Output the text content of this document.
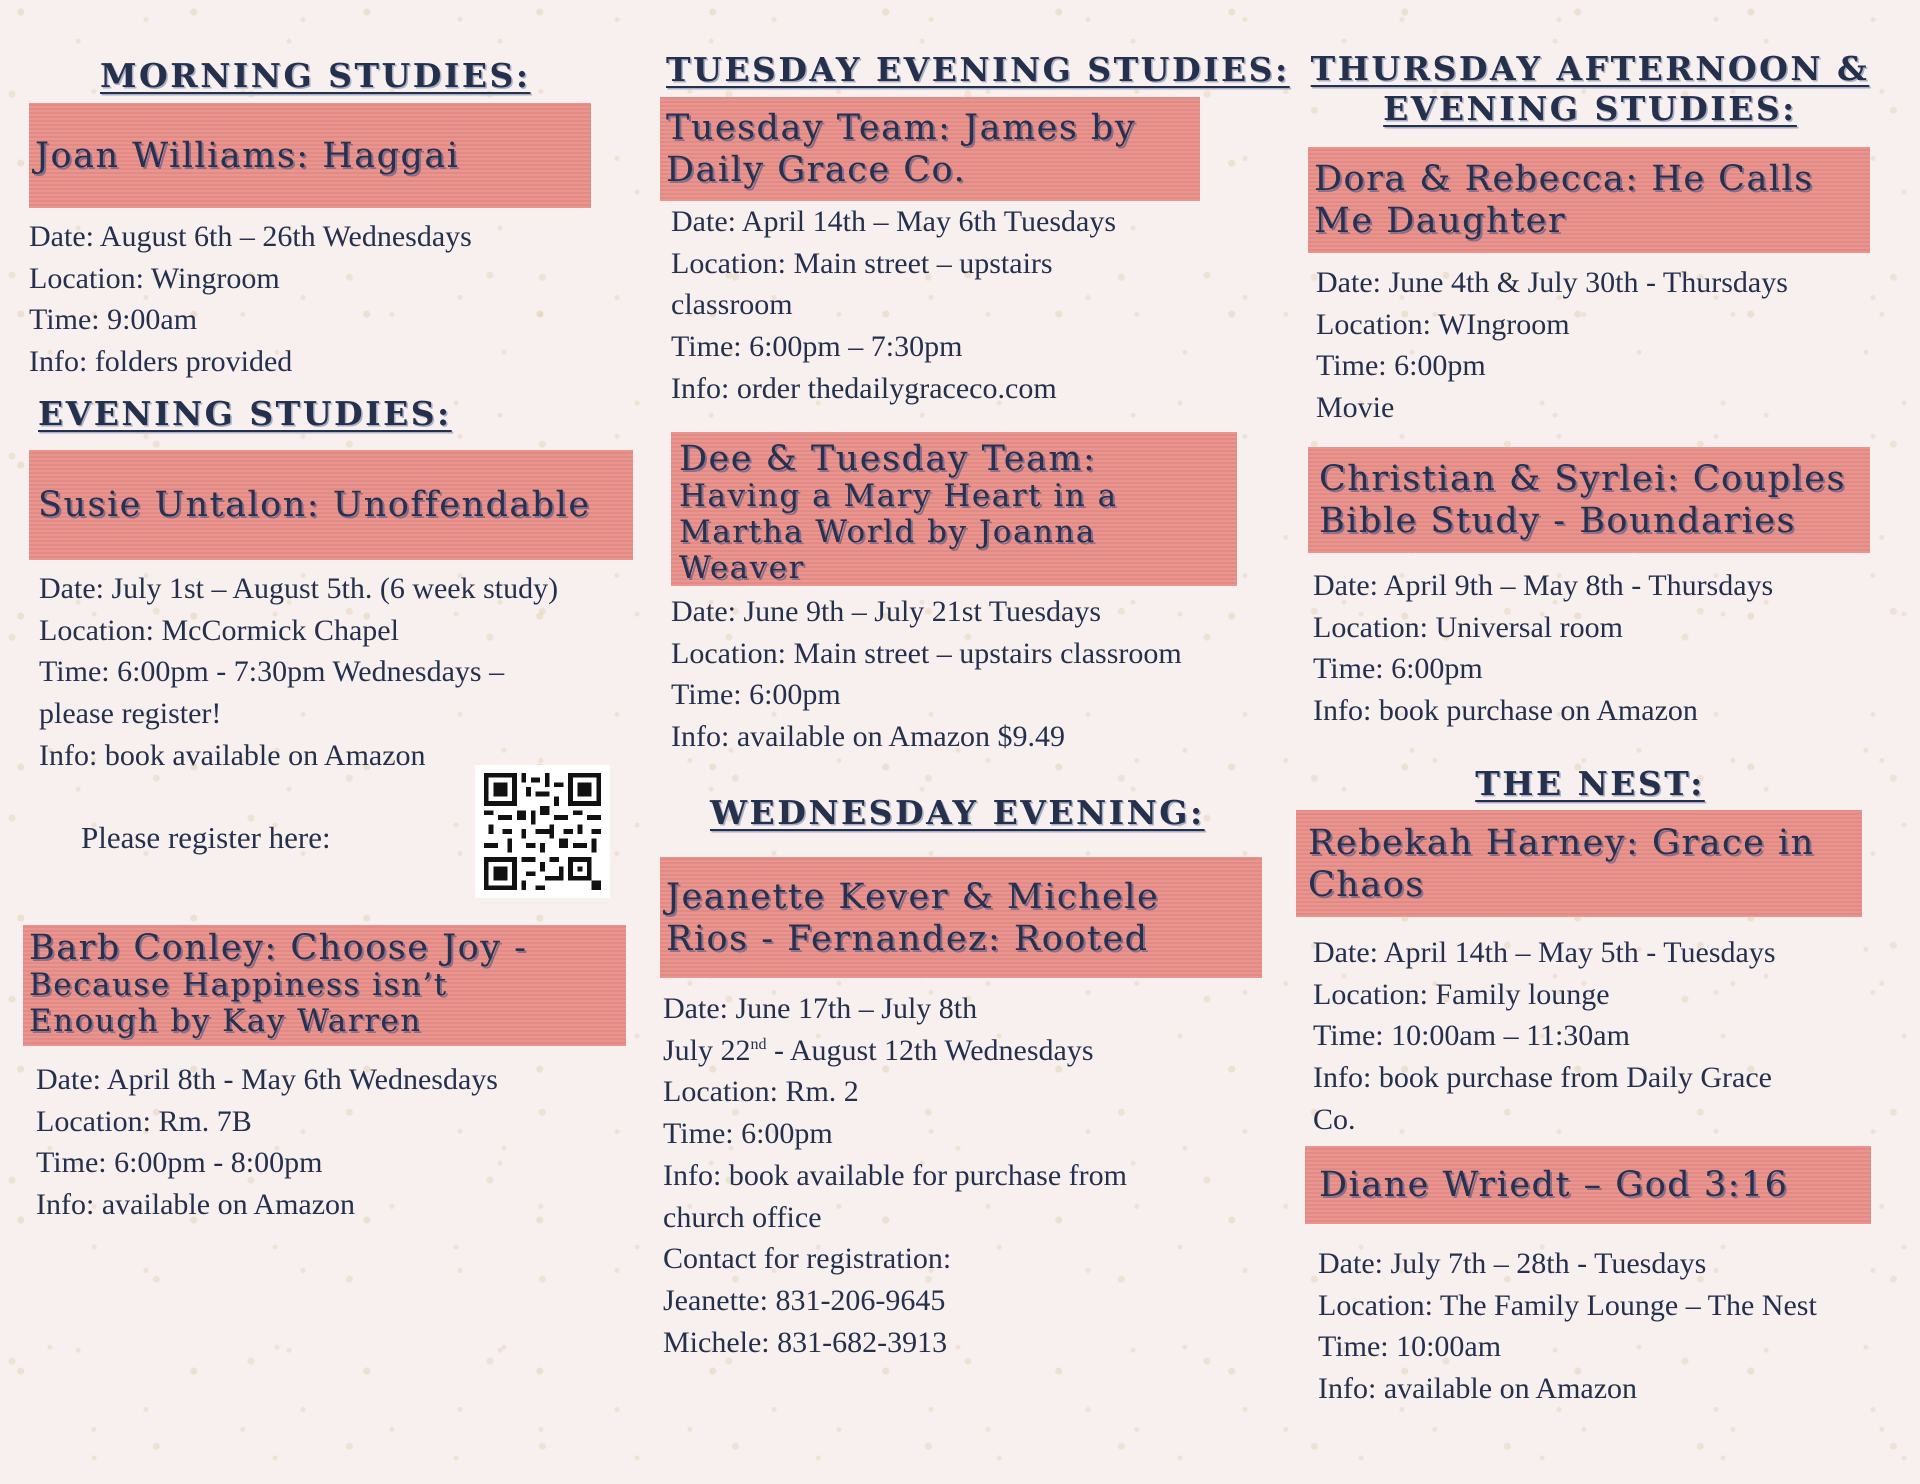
MORNING STUDIES:
Joan Williams: Haggai
Date: August 6th – 26th Wednesdays
Location: Wingroom
Time: 9:00am
Info: folders provided
EVENING STUDIES:
Susie Untalon: Unoffendable
Date: July 1st – August 5th. (6 week study)
Location: McCormick Chapel
Time: 6:00pm - 7:30pm Wednesdays –
please register!
Info: book available on Amazon
Please register here:
Barb Conley: Choose Joy -
Because Happiness isn’t
Enough by Kay Warren
Date: April 8th - May 6th Wednesdays
Location: Rm. 7B
Time: 6:00pm - 8:00pm
Info: available on Amazon
TUESDAY EVENING STUDIES:
Tuesday Team: James by
Daily Grace Co.
Date: April 14th – May 6th Tuesdays
Location: Main street – upstairs
classroom
Time: 6:00pm – 7:30pm
Info: order thedailygraceco.com
Dee & Tuesday Team:
Having a Mary Heart in a
Martha World by Joanna
Weaver
Date: June 9th – July 21st Tuesdays
Location: Main street – upstairs classroom
Time: 6:00pm
Info: available on Amazon $9.49
WEDNESDAY EVENING:
Jeanette Kever & Michele
Rios - Fernandez: Rooted
Date: June 17th – July 8th
July 22nd - August 12th Wednesdays
Location: Rm. 2
Time: 6:00pm
Info: book available for purchase from
church office
Contact for registration:
Jeanette: 831-206-9645
Michele: 831-682-3913
THURSDAY AFTERNOON &
EVENING STUDIES:
Dora & Rebecca: He Calls
Me Daughter
Date: June 4th & July 30th - Thursdays
Location: WIngroom
Time: 6:00pm
Movie
Christian & Syrlei: Couples
Bible Study - Boundaries
Date: April 9th – May 8th - Thursdays
Location: Universal room
Time: 6:00pm
Info: book purchase on Amazon
THE NEST:
Rebekah Harney: Grace in
Chaos
Date: April 14th – May 5th - Tuesdays
Location: Family lounge
Time: 10:00am – 11:30am
Info: book purchase from Daily Grace
Co.
Diane Wriedt – God 3:16
Date: July 7th – 28th - Tuesdays
Location: The Family Lounge – The Nest
Time: 10:00am
Info: available on Amazon
